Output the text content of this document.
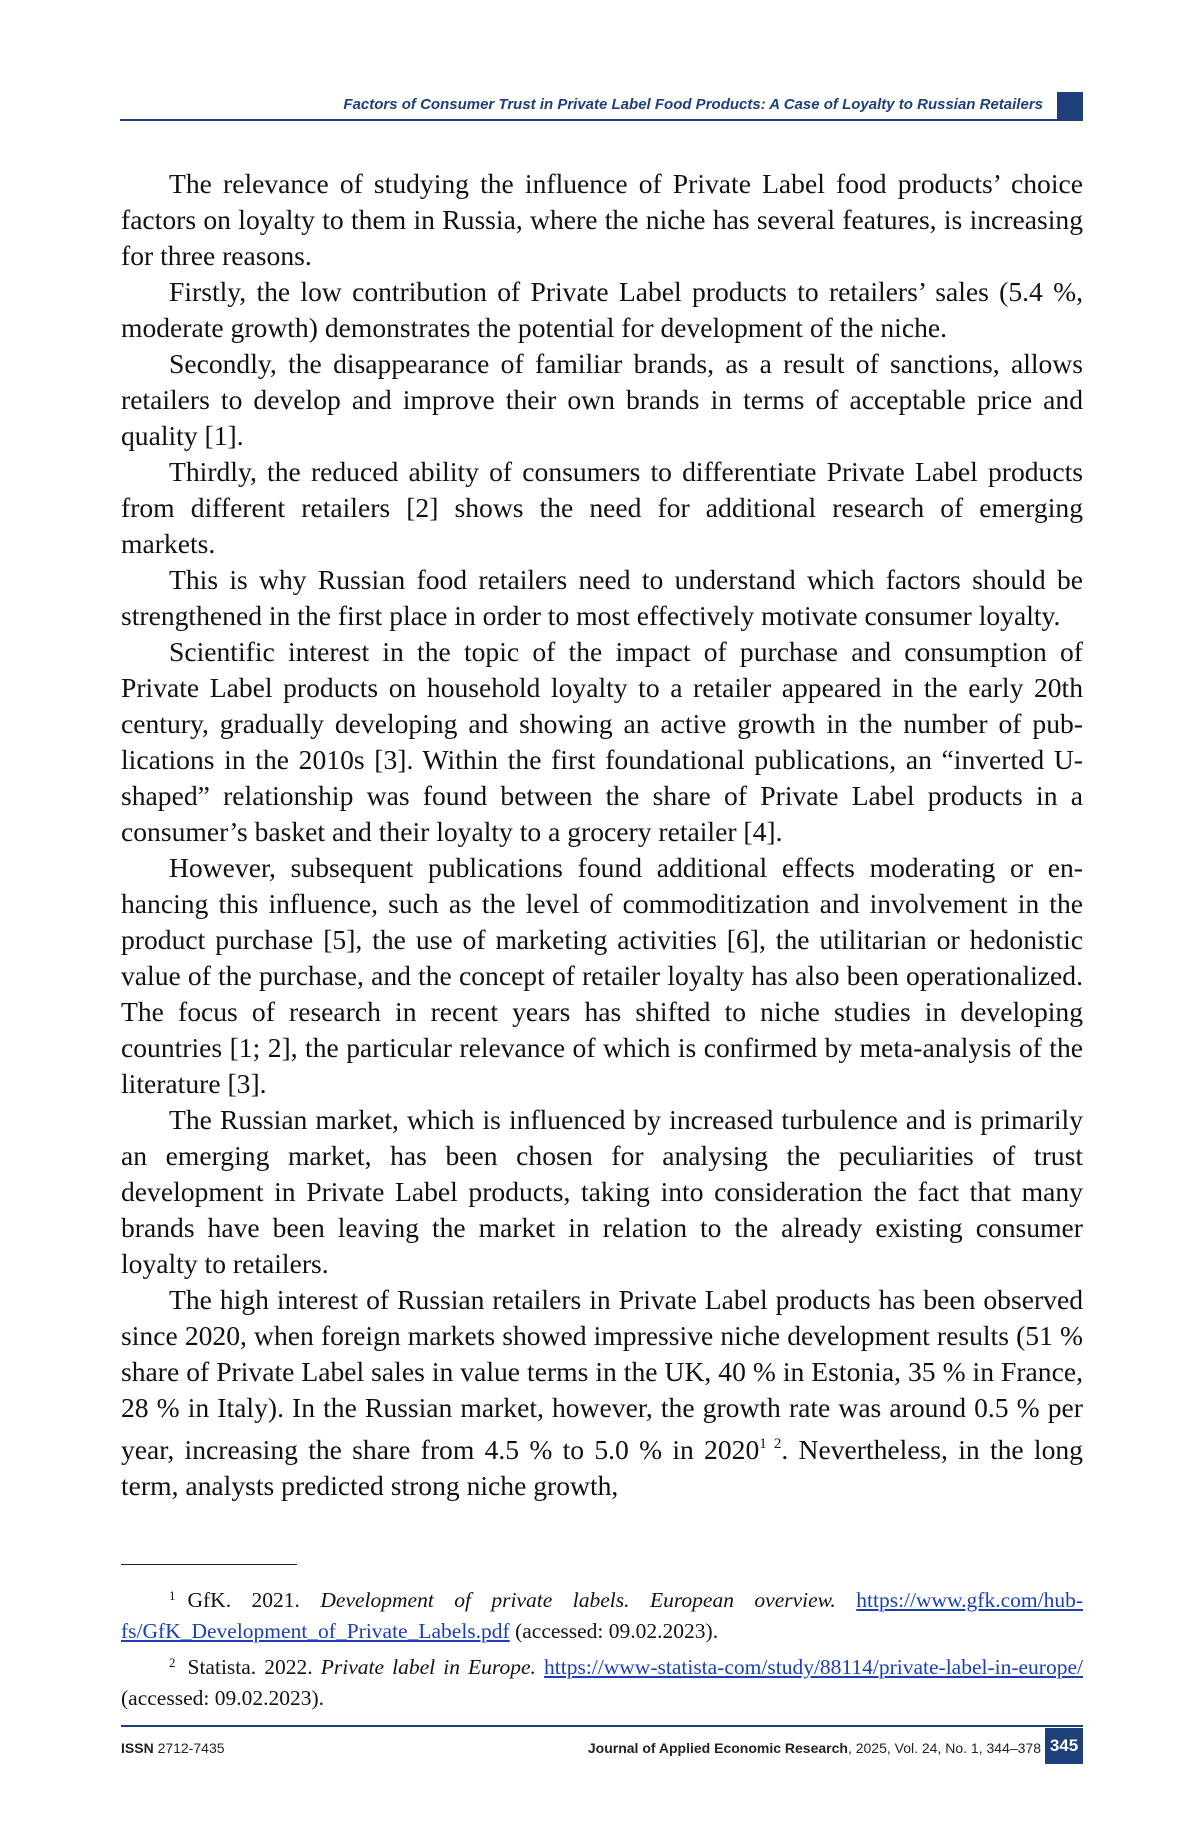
Factors of Consumer Trust in Private Label Food Products: A Case of Loyalty to Russian Retailers

The relevance of studying the influence of Private Label food products’ choice factors on loyalty to them in Russia, where the niche has several features, is increasing for three reasons.

Firstly, the low contribution of Private Label products to retailers’ sales (5.4 %, moderate growth) demonstrates the potential for development of the niche.

Secondly, the disappearance of familiar brands, as a result of sanctions, allows retailers to develop and improve their own brands in terms of acceptable price and quality [1].

Thirdly, the reduced ability of consumers to differentiate Private Label products from different retailers [2] shows the need for additional research of emerging markets.

This is why Russian food retailers need to understand which factors should be strengthened in the first place in order to most effectively motivate consumer loyalty.

Scientific interest in the topic of the impact of purchase and consumption of Private Label products on household loyalty to a retailer appeared in the early 20th century, gradually developing and showing an active growth in the number of publications in the 2010s [3]. Within the first foundational publications, an “inverted U-shaped” relationship was found between the share of Private Label products in a consumer’s basket and their loyalty to a grocery retailer [4].

However, subsequent publications found additional effects moderating or enhancing this influence, such as the level of commoditization and involvement in the product purchase [5], the use of marketing activities [6], the utilitarian or hedonistic value of the purchase, and the concept of retailer loyalty has also been operationalized. The focus of research in recent years has shifted to niche studies in developing countries [1; 2], the particular relevance of which is confirmed by meta-analysis of the literature [3].

The Russian market, which is influenced by increased turbulence and is primarily an emerging market, has been chosen for analysing the peculiarities of trust development in Private Label products, taking into consideration the fact that many brands have been leaving the market in relation to the already existing consumer loyalty to retailers.

The high interest of Russian retailers in Private Label products has been observed since 2020, when foreign markets showed impressive niche development results (51 % share of Private Label sales in value terms in the UK, 40 % in Estonia, 35 % in France, 28 % in Italy). In the Russian market, however, the growth rate was around 0.5 % per year, increasing the share from 4.5 % to 5.0 % in $2020^{1 2}$. Nevertheless, in the long term, analysts predicted strong niche growth,

$^1$ GfK. 2021. Development of private labels. European overview. https://www.gfk.com/hubfs/GfK_Development_of_Private_Labels.pdf (accessed: 09.02.2023).

$^2$ Statista. 2022. Private label in Europe. https://www-statista-com/study/88114/private-label-in-europe/ (accessed: 09.02.2023).

ISSN 2712-7435	Journal of Applied Economic Research, 2025, Vol. 24, No. 1, 344–378 345
